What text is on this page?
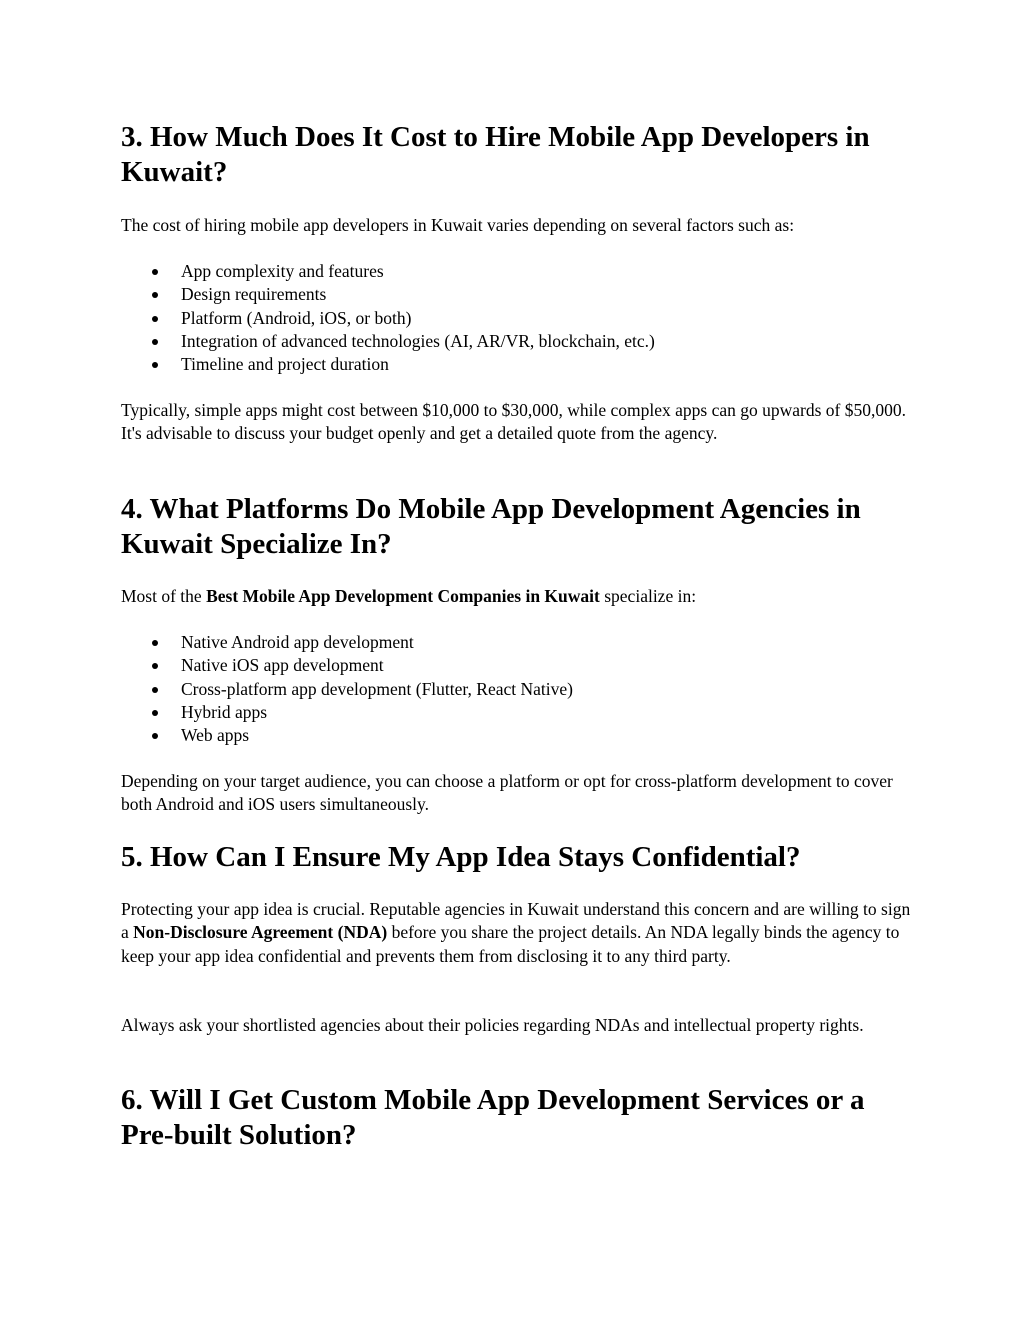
3. How Much Does It Cost to Hire Mobile App Developers in Kuwait?

The cost of hiring mobile app developers in Kuwait varies depending on several factors such as:

App complexity and features
Design requirements
Platform (Android, iOS, or both)
Integration of advanced technologies (AI, AR/VR, blockchain, etc.)
Timeline and project duration

Typically, simple apps might cost between $10,000 to $30,000, while complex apps can go upwards of $50,000. It's advisable to discuss your budget openly and get a detailed quote from the agency.

4. What Platforms Do Mobile App Development Agencies in Kuwait Specialize In?

Most of the Best Mobile App Development Companies in Kuwait specialize in:

Native Android app development
Native iOS app development
Cross-platform app development (Flutter, React Native)
Hybrid apps
Web apps

Depending on your target audience, you can choose a platform or opt for cross-platform development to cover both Android and iOS users simultaneously.

5. How Can I Ensure My App Idea Stays Confidential?

Protecting your app idea is crucial. Reputable agencies in Kuwait understand this concern and are willing to sign a Non-Disclosure Agreement (NDA) before you share the project details. An NDA legally binds the agency to keep your app idea confidential and prevents them from disclosing it to any third party.

Always ask your shortlisted agencies about their policies regarding NDAs and intellectual property rights.

6. Will I Get Custom Mobile App Development Services or a Pre-built Solution?
